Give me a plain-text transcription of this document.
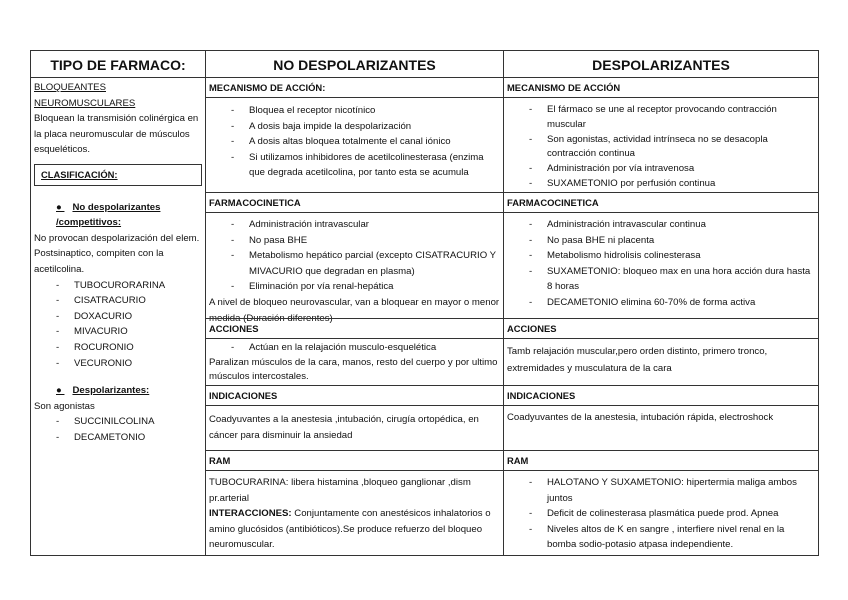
TIPO DE FARMACO:	NO DESPOLARIZANTES	DESPOLARIZANTES
BLOQUEANTES NEUROMUSCULARES
Bloquean la transmisión colinérgica en la placa neuromuscular de músculos esqueléticos.
CLASIFICACIÓN:
● No despolarizantes /competitivos:
No provocan despolarización del elem. Postsinaptico, compiten con la acetilcolina.
- TUBOCURORARINA
- CISATRACURIO
- DOXACURIO
- MIVACURIO
- ROCURONIO
- VECURONIO
● Despolarizantes:
Son agonistas
- SUCCINILCOLINA
- DECAMETONIO
MECANISMO DE ACCIÓN:
- Bloquea el receptor nicotínico
- A dosis baja impide la despolarización
- A dosis altas bloquea totalmente el canal iónico
- Si utilizamos inhibidores de acetilcolinesterasa (enzima que degrada acetilcolina, por tanto esta se acumula
FARMACOCINETICA
- Administración intravascular
- No pasa BHE
- Metabolismo hepático parcial (excepto CISATRACURIO Y MIVACURIO que degradan en plasma)
- Eliminación por vía renal-hepática
A nivel de bloqueo neurovascular, van a bloquear en mayor o menor medida (Duración diferentes)
ACCIONES
- Actúan en la relajación musculo-esquelética
Paralizan músculos de la cara, manos, resto del cuerpo y por ultimo músculos intercostales.
INDICACIONES
Coadyuvantes a la anestesia ,intubación, cirugía ortopédica, en cáncer para disminuir la ansiedad
RAM
TUBOCURARINA: libera histamina ,bloqueo ganglionar ,dism pr.arterial
INTERACCIONES: Conjuntamente con anestésicos inhalatorios o amino glucósidos (antibióticos).Se produce refuerzo del bloqueo neuromuscular.
MECANISMO DE ACCIÓN
- El fármaco se une al receptor provocando contracción muscular
- Son agonistas, actividad intrínseca no se desacopla contracción continua
- Administración por vía intravenosa
- SUXAMETONIO por perfusión continua
FARMACOCINETICA
- Administración intravascular continua
- No pasa BHE ni placenta
- Metabolismo hidrolisis colinesterasa
- SUXAMETONIO: bloqueo max en una hora acción dura hasta 8 horas
- DECAMETONIO elimina 60-70% de forma activa
ACCIONES
Tamb relajación muscular,pero orden distinto, primero tronco, extremidades y musculatura de la cara
INDICACIONES
Coadyuvantes de la anestesia, intubación rápida, electroshock
RAM
- HALOTANO Y SUXAMETONIO: hipertermia maliga ambos juntos
- Deficit de colinesterasa plasmática puede prod. Apnea
- Niveles altos de K en sangre , interfiere nivel renal en la bomba sodio-potasio atpasa independiente.
